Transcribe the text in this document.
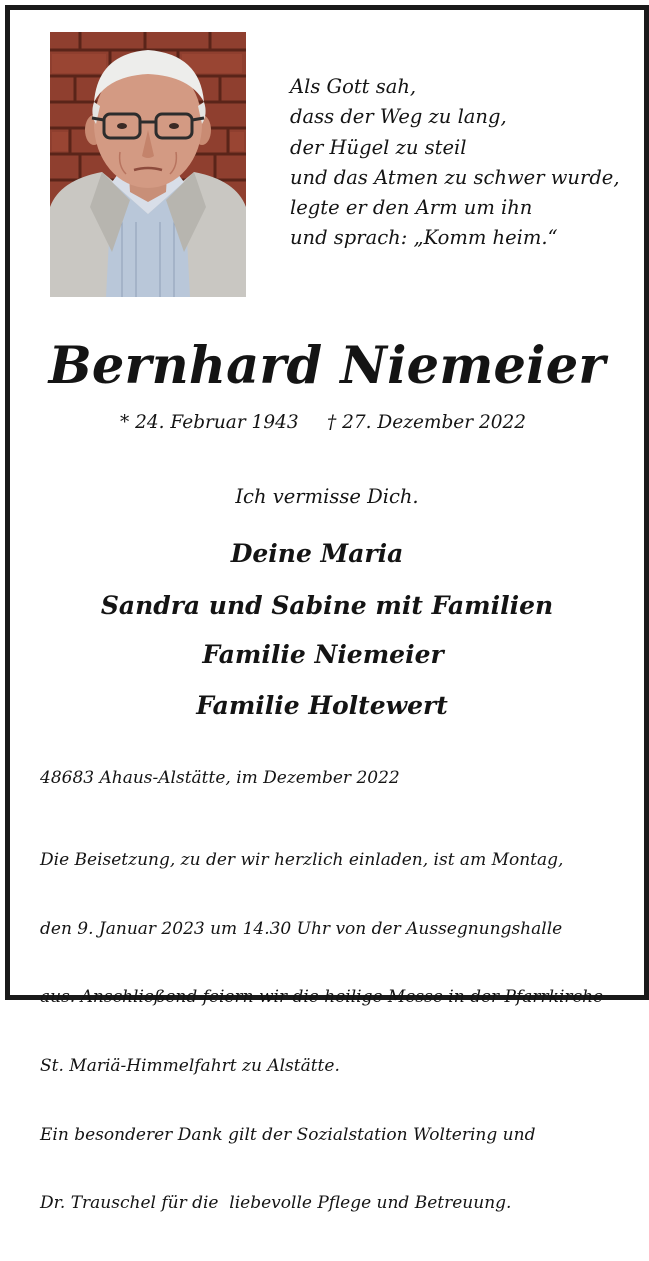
Als Gott sah,
dass der Weg zu lang,
der Hügel zu steil
und das Atmen zu schwer wurde,
legte er den Arm um ihn
und sprach: „Komm heim.“
Bernhard Niemeier
* 24. Februar 1943 † 27. Dezember 2022
Ich vermisse Dich.
Deine Maria
Sandra und Sabine mit Familien
Familie Niemeier
Familie Holtewert
48683 Ahaus-Alstätte, im Dezember 2022

Die Beisetzung, zu der wir herzlich einladen, ist am Montag,

den 9. Januar 2023 um 14.30 Uhr von der Aussegnungshalle

aus. Anschließend feiern wir die heilige Messe in der Pfarrkirche

St. Mariä-Himmelfahrt zu Alstätte.

Ein besonderer Dank gilt der Sozialstation Woltering und

Dr. Trauschel für die  liebevolle Pflege und Betreuung.
